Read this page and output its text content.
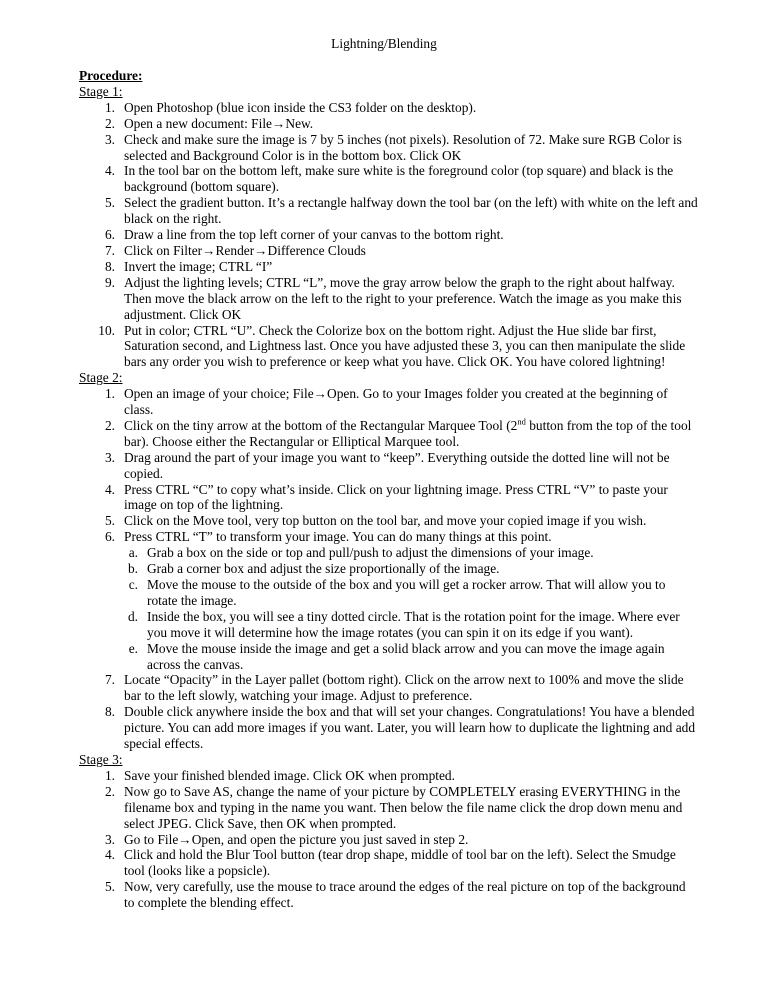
Lightning/Blending
Procedure:
Stage 1:
1. Open Photoshop (blue icon inside the CS3 folder on the desktop).
2. Open a new document: File→New.
3. Check and make sure the image is 7 by 5 inches (not pixels). Resolution of 72. Make sure RGB Color is selected and Background Color is in the bottom box. Click OK
4. In the tool bar on the bottom left, make sure white is the foreground color (top square) and black is the background (bottom square).
5. Select the gradient button. It’s a rectangle halfway down the tool bar (on the left) with white on the left and black on the right.
6. Draw a line from the top left corner of your canvas to the bottom right.
7. Click on Filter→Render→Difference Clouds
8. Invert the image; CTRL “I”
9. Adjust the lighting levels; CTRL “L”, move the gray arrow below the graph to the right about halfway. Then move the black arrow on the left to the right to your preference. Watch the image as you make this adjustment. Click OK
10. Put in color; CTRL “U”. Check the Colorize box on the bottom right. Adjust the Hue slide bar first, Saturation second, and Lightness last. Once you have adjusted these 3, you can then manipulate the slide bars any order you wish to preference or keep what you have. Click OK. You have colored lightning!
Stage 2:
1. Open an image of your choice; File→Open. Go to your Images folder you created at the beginning of class.
2. Click on the tiny arrow at the bottom of the Rectangular Marquee Tool (2nd button from the top of the tool bar). Choose either the Rectangular or Elliptical Marquee tool.
3. Drag around the part of your image you want to “keep”. Everything outside the dotted line will not be copied.
4. Press CTRL “C” to copy what’s inside. Click on your lightning image. Press CTRL “V” to paste your image on top of the lightning.
5. Click on the Move tool, very top button on the tool bar, and move your copied image if you wish.
6. Press CTRL “T” to transform your image. You can do many things at this point.
a. Grab a box on the side or top and pull/push to adjust the dimensions of your image.
b. Grab a corner box and adjust the size proportionally of the image.
c. Move the mouse to the outside of the box and you will get a rocker arrow. That will allow you to rotate the image.
d. Inside the box, you will see a tiny dotted circle. That is the rotation point for the image. Where ever you move it will determine how the image rotates (you can spin it on its edge if you want).
e. Move the mouse inside the image and get a solid black arrow and you can move the image again across the canvas.
7. Locate “Opacity” in the Layer pallet (bottom right). Click on the arrow next to 100% and move the slide bar to the left slowly, watching your image. Adjust to preference.
8. Double click anywhere inside the box and that will set your changes. Congratulations! You have a blended picture. You can add more images if you want. Later, you will learn how to duplicate the lightning and add special effects.
Stage 3:
1. Save your finished blended image. Click OK when prompted.
2. Now go to Save AS, change the name of your picture by COMPLETELY erasing EVERYTHING in the filename box and typing in the name you want. Then below the file name click the drop down menu and select JPEG. Click Save, then OK when prompted.
3. Go to File→Open, and open the picture you just saved in step 2.
4. Click and hold the Blur Tool button (tear drop shape, middle of tool bar on the left). Select the Smudge tool (looks like a popsicle).
5. Now, very carefully, use the mouse to trace around the edges of the real picture on top of the background to complete the blending effect.
